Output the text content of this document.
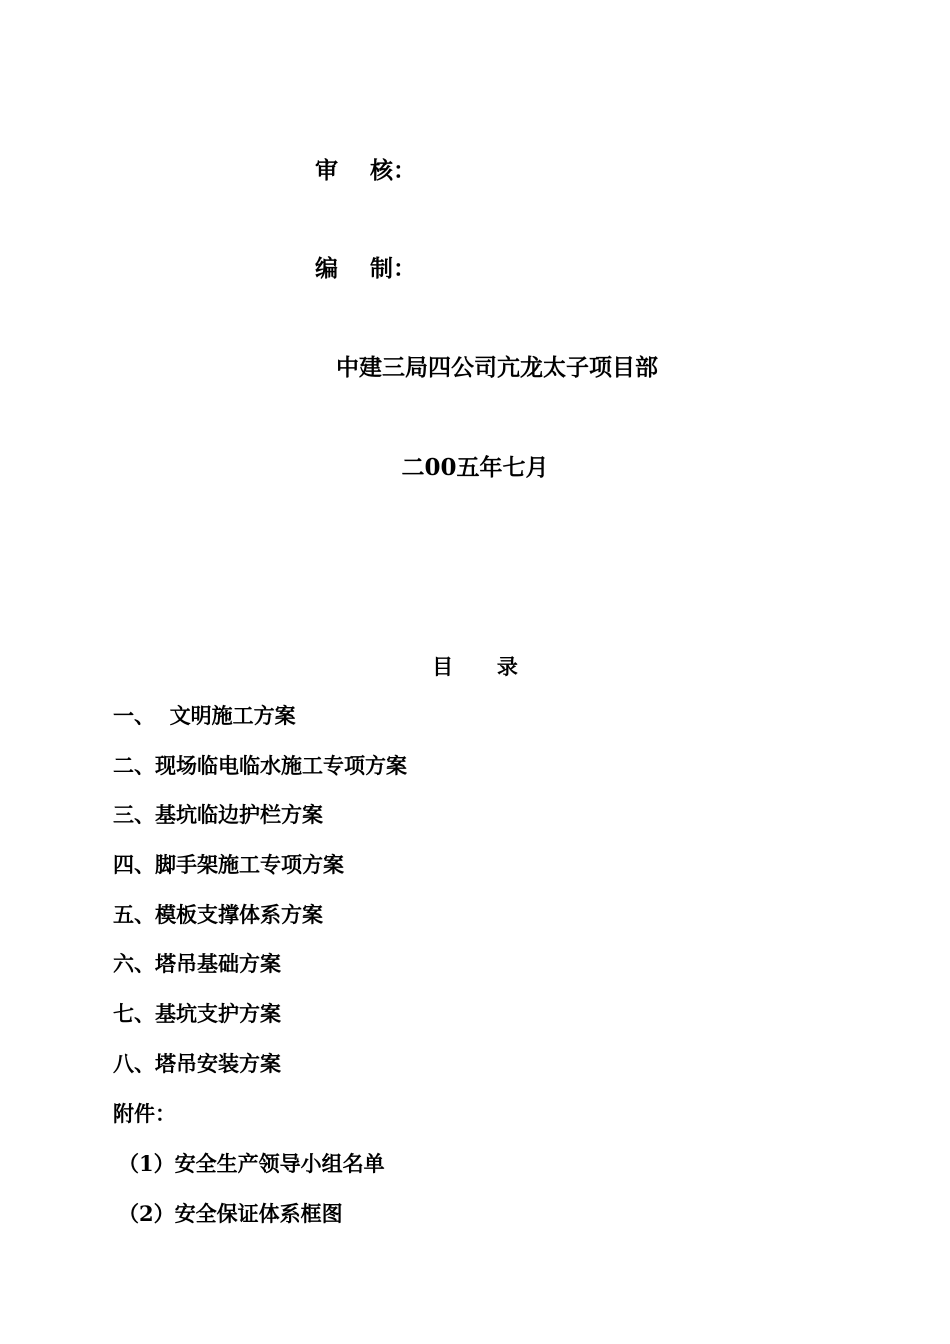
审    核：
编    制：
中建三局四公司亢龙太子项目部
二00五年七月
目      录
一、  文明施工方案
二、现场临电临水施工专项方案
三、基坑临边护栏方案
四、脚手架施工专项方案
五、模板支撑体系方案
六、塔吊基础方案
七、基坑支护方案
八、塔吊安装方案
附件：
（1）安全生产领导小组名单
（2）安全保证体系框图
